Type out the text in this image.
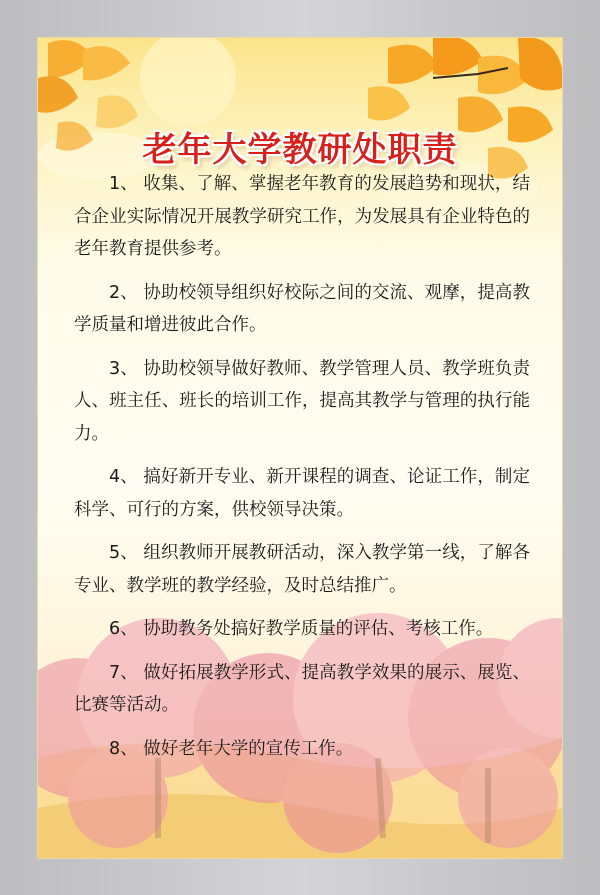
老年大学教研处职责

1、 收集、了解、掌握老年教育的发展趋势和现状，结合企业实际情况开展教学研究工作，为发展具有企业特色的老年教育提供参考。

2、 协助校领导组织好校际之间的交流、观摩，提高教学质量和增进彼此合作。

3、 协助校领导做好教师、教学管理人员、教学班负责人、班主任、班长的培训工作，提高其教学与管理的执行能力。

4、 搞好新开专业、新开课程的调查、论证工作，制定科学、可行的方案，供校领导决策。

5、 组织教师开展教研活动，深入教学第一线，了解各专业、教学班的教学经验，及时总结推广。

6、 协助教务处搞好教学质量的评估、考核工作。

7、 做好拓展教学形式、提高教学效果的展示、展览、比赛等活动。

8、 做好老年大学的宣传工作。
